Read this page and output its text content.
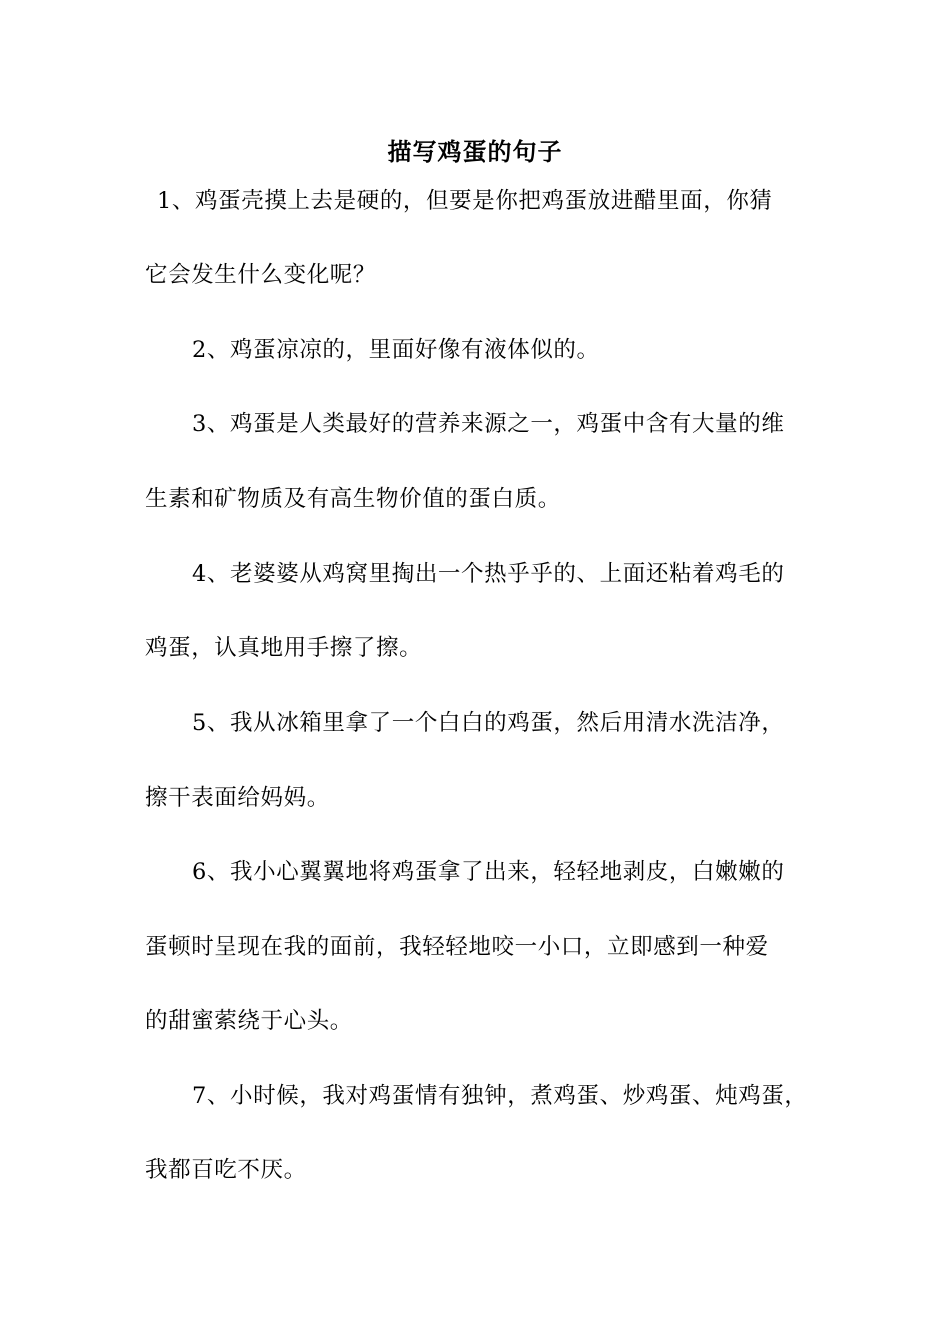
描写鸡蛋的句子
1、鸡蛋壳摸上去是硬的，但要是你把鸡蛋放进醋里面，你猜
它会发生什么变化呢？
2、鸡蛋凉凉的，里面好像有液体似的。
3、鸡蛋是人类最好的营养来源之一，鸡蛋中含有大量的维
生素和矿物质及有高生物价值的蛋白质。
4、老婆婆从鸡窝里掏出一个热乎乎的、上面还粘着鸡毛的
鸡蛋，认真地用手擦了擦。
5、我从冰箱里拿了一个白白的鸡蛋，然后用清水洗洁净，
擦干表面给妈妈。
6、我小心翼翼地将鸡蛋拿了出来，轻轻地剥皮，白嫩嫩的
蛋顿时呈现在我的面前，我轻轻地咬一小口，立即感到一种爱
的甜蜜萦绕于心头。
7、小时候，我对鸡蛋情有独钟，煮鸡蛋、炒鸡蛋、炖鸡蛋，
我都百吃不厌。
